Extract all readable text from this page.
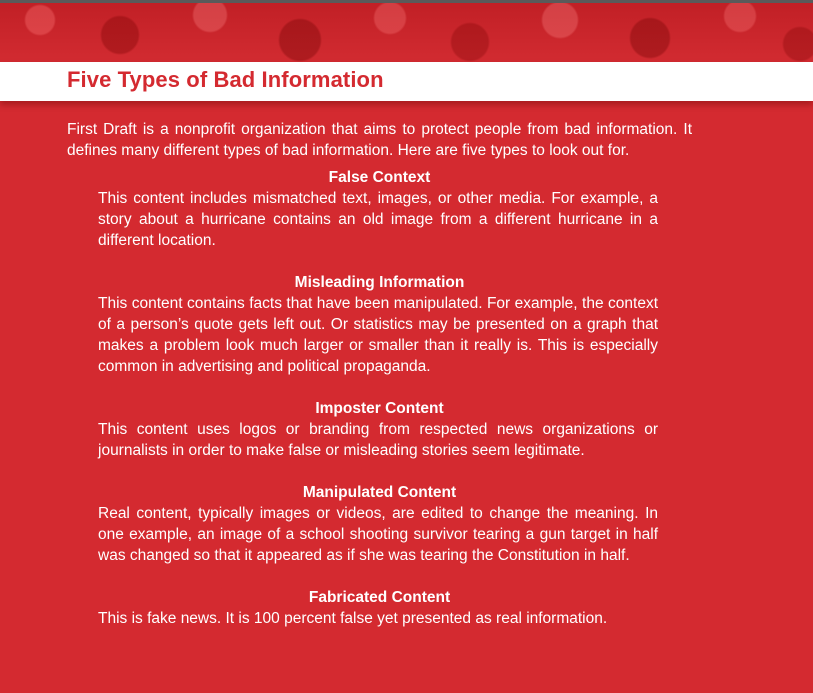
Five Types of Bad Information

First Draft is a nonprofit organization that aims to protect people from bad information. It defines many different types of bad information. Here are five types to look out for.

False Context

This content includes mismatched text, images, or other media. For example, a story about a hurricane contains an old image from a different hurricane in a different location.

Misleading Information

This content contains facts that have been manipulated. For example, the context of a person’s quote gets left out. Or statistics may be presented on a graph that makes a problem look much larger or smaller than it really is. This is especially common in advertising and political propaganda.

Imposter Content

This content uses logos or branding from respected news organizations or journalists in order to make false or misleading stories seem legitimate.

Manipulated Content

Real content, typically images or videos, are edited to change the meaning. In one example, an image of a school shooting survivor tearing a gun target in half was changed so that it appeared as if she was tearing the Constitution in half.

Fabricated Content

This is fake news. It is 100 percent false yet presented as real information.
